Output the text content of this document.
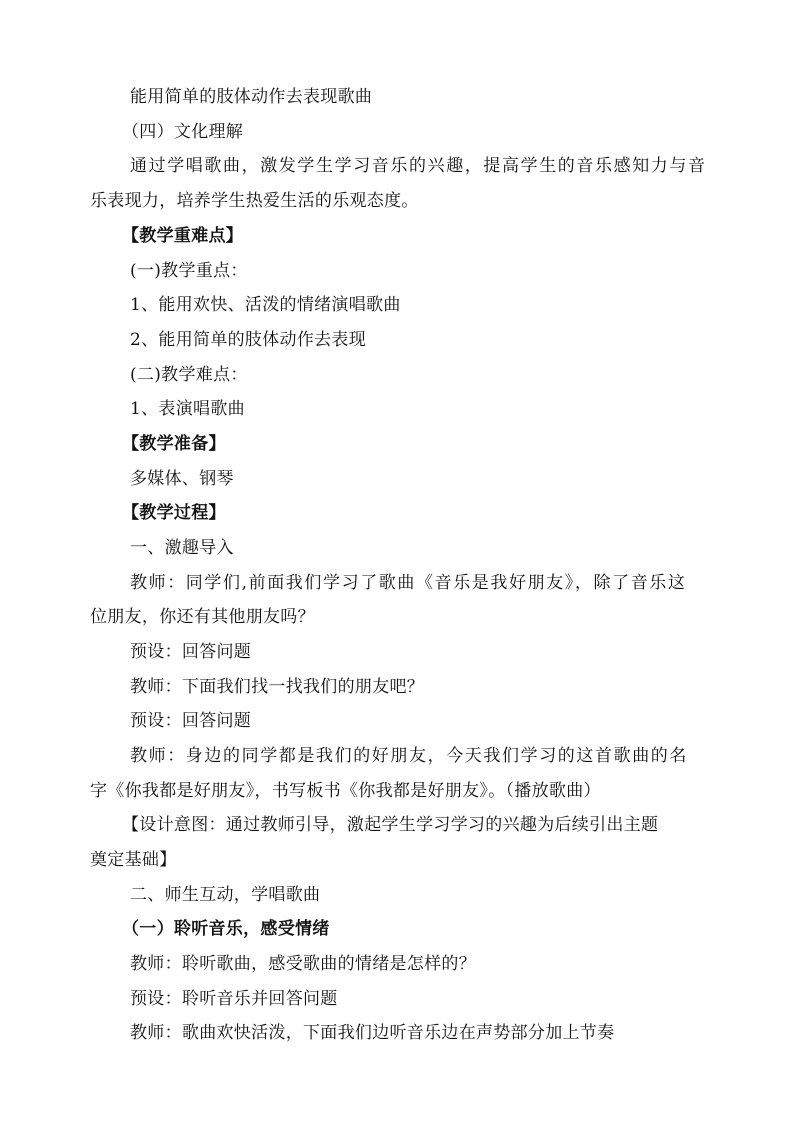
能用简单的肢体动作去表现歌曲
（四）文化理解
通过学唱歌曲，激发学生学习音乐的兴趣，提高学生的音乐感知力与音
乐表现力，培养学生热爱生活的乐观态度。
【教学重难点】
(一)教学重点：
1、能用欢快、活泼的情绪演唱歌曲
2、能用简单的肢体动作去表现
(二)教学难点：
1、表演唱歌曲
【教学准备】
多媒体、钢琴
【教学过程】
一、激趣导入
教师：同学们,前面我们学习了歌曲《音乐是我好朋友》，除了音乐这
位朋友，你还有其他朋友吗？
预设：回答问题
教师：下面我们找一找我们的朋友吧？
预设：回答问题
教师：身边的同学都是我们的好朋友，今天我们学习的这首歌曲的名
字《你我都是好朋友》，书写板书《你我都是好朋友》。（播放歌曲）
【设计意图：通过教师引导，激起学生学习学习的兴趣为后续引出主题
奠定基础】
二、师生互动，学唱歌曲
（一）聆听音乐，感受情绪
教师：聆听歌曲，感受歌曲的情绪是怎样的？
预设：聆听音乐并回答问题
教师：歌曲欢快活泼，下面我们边听音乐边在声势部分加上节奏
